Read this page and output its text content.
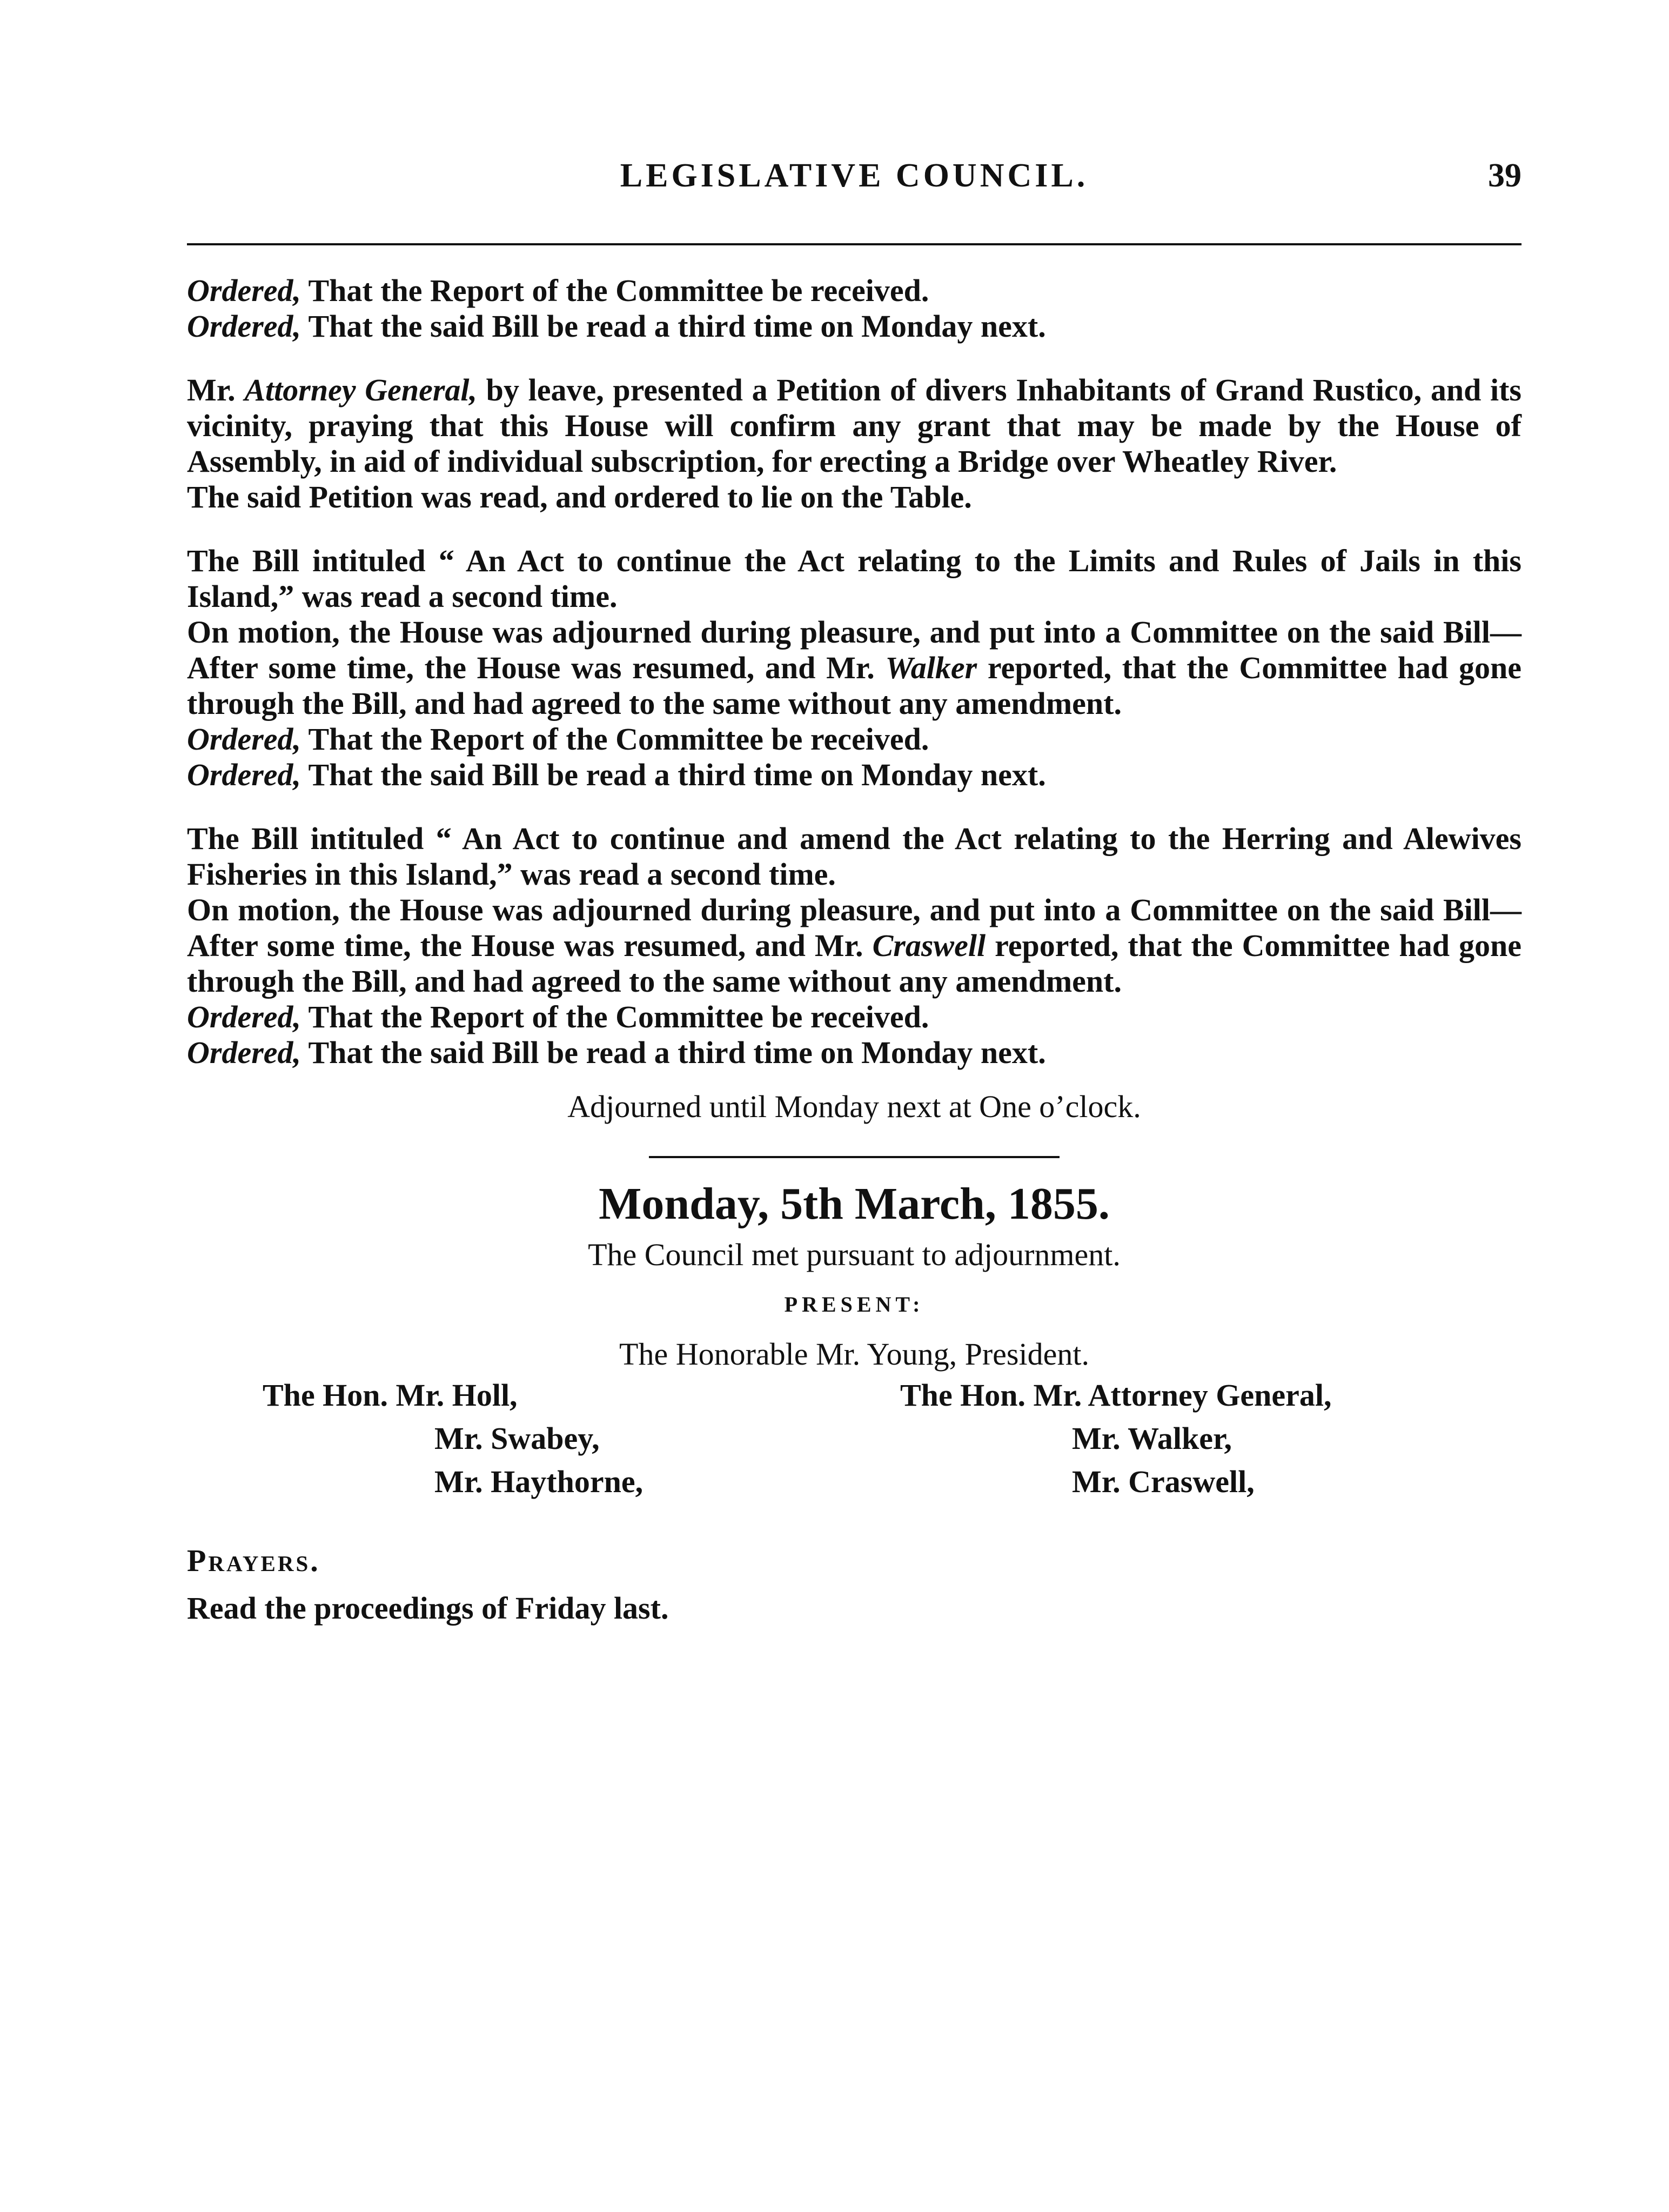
LEGISLATIVE COUNCIL.	39

Ordered, That the Report of the Committee be received.

Ordered, That the said Bill be read a third time on Monday next.

Mr. Attorney General, by leave, presented a Petition of divers Inhabitants of Grand Rustico, and its vicinity, praying that this House will confirm any grant that may be made by the House of Assembly, in aid of individual subscription, for erecting a Bridge over Wheatley River.

The said Petition was read, and ordered to lie on the Table.

The Bill intituled “ An Act to continue the Act relating to the Limits and Rules of Jails in this Island,” was read a second time.

On motion, the House was adjourned during pleasure, and put into a Committee on the said Bill—After some time, the House was resumed, and Mr. Walker reported, that the Committee had gone through the Bill, and had agreed to the same without any amendment.

Ordered, That the Report of the Committee be received.

Ordered, That the said Bill be read a third time on Monday next.

The Bill intituled “ An Act to continue and amend the Act relating to the Herring and Alewives Fisheries in this Island,” was read a second time.

On motion, the House was adjourned during pleasure, and put into a Committee on the said Bill—After some time, the House was resumed, and Mr. Craswell reported, that the Committee had gone through the Bill, and had agreed to the same without any amendment.

Ordered, That the Report of the Committee be received.

Ordered, That the said Bill be read a third time on Monday next.

Adjourned until Monday next at One o’clock.

Monday, 5th March, 1855.

The Council met pursuant to adjournment.

PRESENT:

The Honorable Mr. Young, President.

The Hon. Mr. Holl,
Mr. Swabey,
Mr. Haythorne,
The Hon. Mr. Attorney General,
Mr. Walker,
Mr. Craswell,

Prayers.

Read the proceedings of Friday last.
